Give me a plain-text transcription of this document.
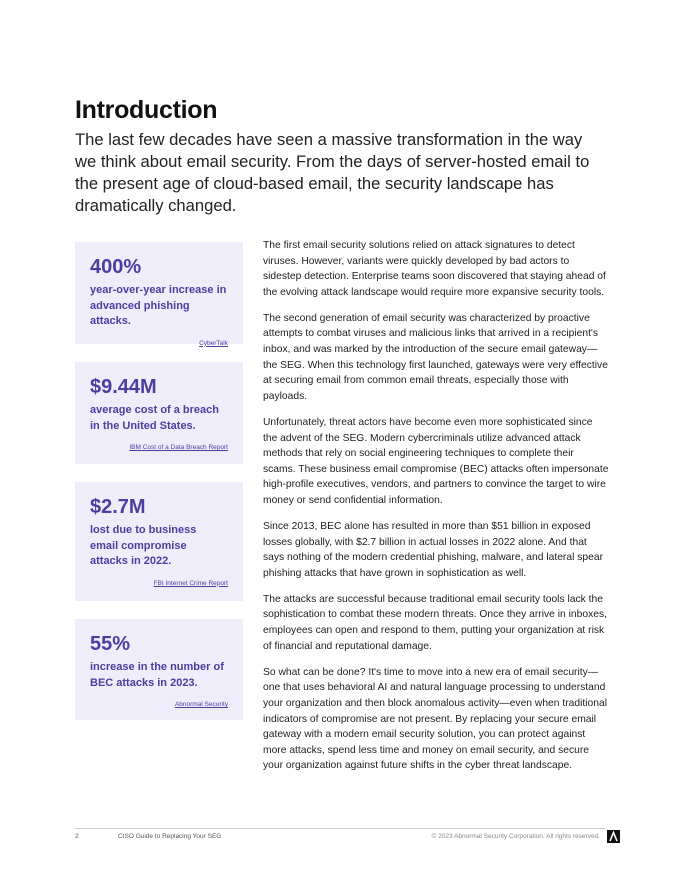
Introduction
The last few decades have seen a massive transformation in the way we think about email security. From the days of server-hosted email to the present age of cloud-based email, the security landscape has dramatically changed.
400%
year-over-year increase in advanced phishing attacks.
CyberTalk
$9.44M
average cost of a breach in the United States.
IBM Cost of a Data Breach Report
$2.7M
lost due to business email compromise attacks in 2022.
FBI Internet Crime Report
55%
increase in the number of BEC attacks in 2023.
Abnormal Security

The first email security solutions relied on attack signatures to detect viruses. However, variants were quickly developed by bad actors to sidestep detection. Enterprise teams soon discovered that staying ahead of the evolving attack landscape would require more expansive security tools.

The second generation of email security was characterized by proactive attempts to combat viruses and malicious links that arrived in a recipient's inbox, and was marked by the introduction of the secure email gateway—the SEG. When this technology first launched, gateways were very effective at securing email from common email threats, especially those with payloads.

Unfortunately, threat actors have become even more sophisticated since the advent of the SEG. Modern cybercriminals utilize advanced attack methods that rely on social engineering techniques to complete their scams. These business email compromise (BEC) attacks often impersonate high-profile executives, vendors, and partners to convince the target to wire money or send confidential information.

Since 2013, BEC alone has resulted in more than $51 billion in exposed losses globally, with $2.7 billion in actual losses in 2022 alone. And that says nothing of the modern credential phishing, malware, and lateral spear phishing attacks that have grown in sophistication as well.

The attacks are successful because traditional email security tools lack the sophistication to combat these modern threats. Once they arrive in inboxes, employees can open and respond to them, putting your organization at risk of financial and reputational damage.

So what can be done? It's time to move into a new era of email security—one that uses behavioral AI and natural language processing to understand your organization and then block anomalous activity—even when traditional indicators of compromise are not present. By replacing your secure email gateway with a modern email security solution, you can protect against more attacks, spend less time and money on email security, and secure your organization against future shifts in the cyber threat landscape.

2	CISO Guide to Replacing Your SEG	© 2023 Abnormal Security Corporation. All rights reserved.
